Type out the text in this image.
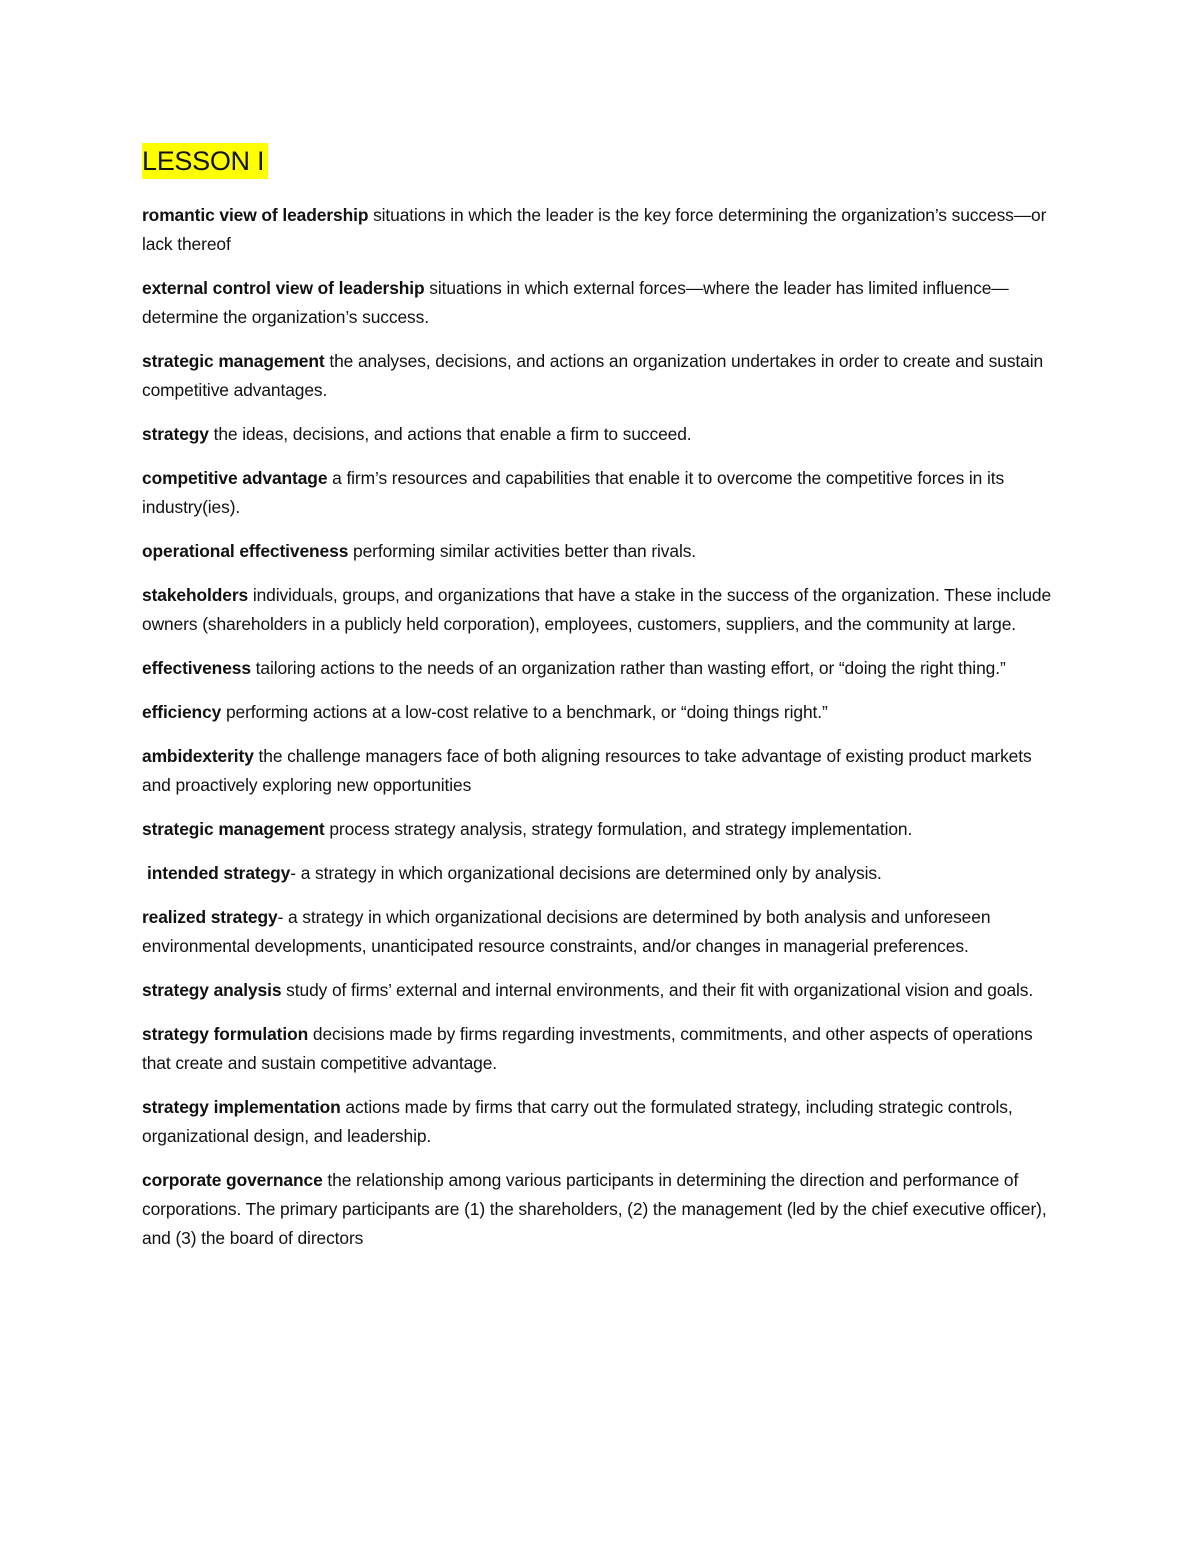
LESSON I

romantic view of leadership situations in which the leader is the key force determining the organization’s success—or lack thereof

external control view of leadership situations in which external forces—where the leader has limited influence—determine the organization’s success.

strategic management the analyses, decisions, and actions an organization undertakes in order to create and sustain competitive advantages.

strategy the ideas, decisions, and actions that enable a firm to succeed.

competitive advantage a firm’s resources and capabilities that enable it to overcome the competitive forces in its industry(ies).

operational effectiveness performing similar activities better than rivals.

stakeholders individuals, groups, and organizations that have a stake in the success of the organization. These include owners (shareholders in a publicly held corporation), employees, customers, suppliers, and the community at large.

effectiveness tailoring actions to the needs of an organization rather than wasting effort, or “doing the right thing.”

efficiency performing actions at a low-cost relative to a benchmark, or “doing things right.”

ambidexterity the challenge managers face of both aligning resources to take advantage of existing product markets and proactively exploring new opportunities

strategic management process strategy analysis, strategy formulation, and strategy implementation.

intended strategy- a strategy in which organizational decisions are determined only by analysis.

realized strategy- a strategy in which organizational decisions are determined by both analysis and unforeseen environmental developments, unanticipated resource constraints, and/or changes in managerial preferences.

strategy analysis study of firms’ external and internal environments, and their fit with organizational vision and goals.

strategy formulation decisions made by firms regarding investments, commitments, and other aspects of operations that create and sustain competitive advantage.

strategy implementation actions made by firms that carry out the formulated strategy, including strategic controls, organizational design, and leadership.

corporate governance the relationship among various participants in determining the direction and performance of corporations. The primary participants are (1) the shareholders, (2) the management (led by the chief executive officer), and (3) the board of directors
